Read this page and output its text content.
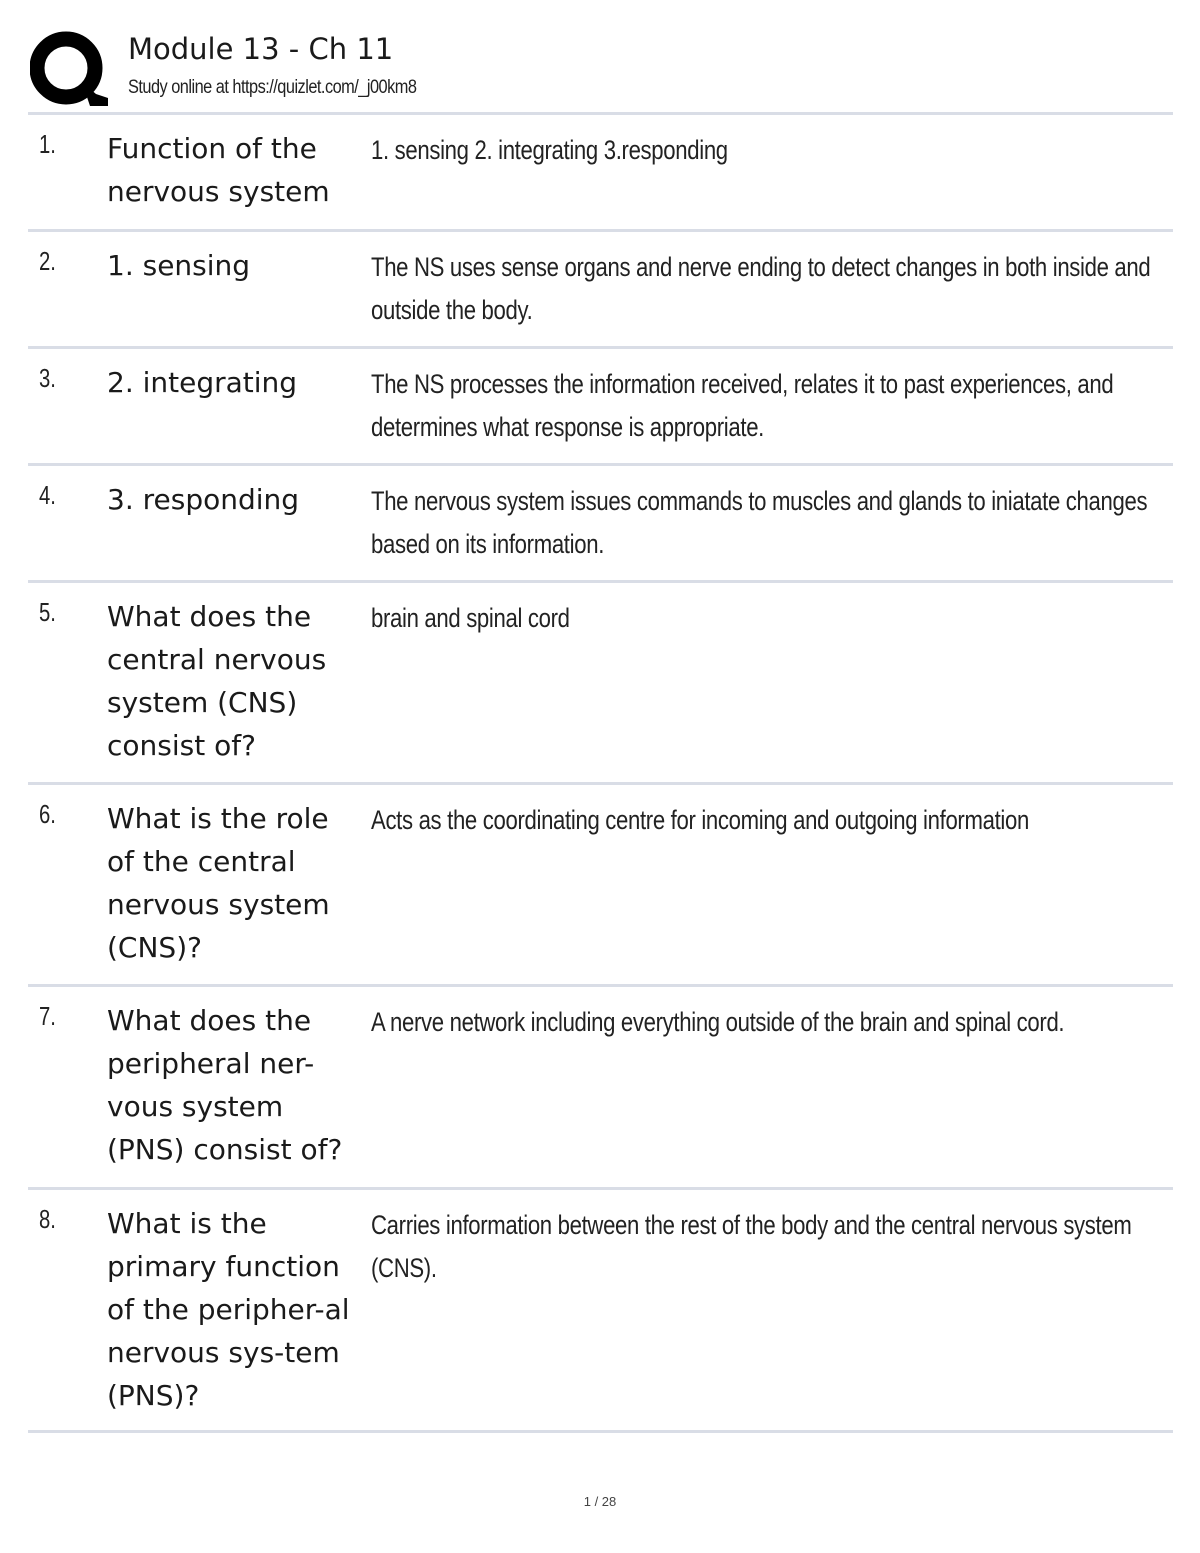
Module 13 - Ch 11
Study online at https://quizlet.com/_j00km8
1. Function of the nervous system
1. sensing 2. integrating 3.responding
2. 1. sensing	The NS uses sense organs and nerve ending to detect changes in both inside and outside the body.
3. 2. integrating	The NS processes the information received, relates it to past experiences, and determines what response is appropriate.
4. 3. responding	The nervous system issues commands to muscles and glands to iniatate changes based on its information.
5. What does the central nervous system (CNS) consist of?
brain and spinal cord
6. What is the role of the central nervous system (CNS)?
Acts as the coordinating centre for incoming and outgoing information
7. What does the peripheral ner-vous system (PNS) consist of?
A nerve network including everything outside of the brain and spinal cord.
8. What is the primary function of the peripher-al nervous sys-tem (PNS)?
Carries information between the rest of the body and the central nervous system (CNS).
1 / 28
